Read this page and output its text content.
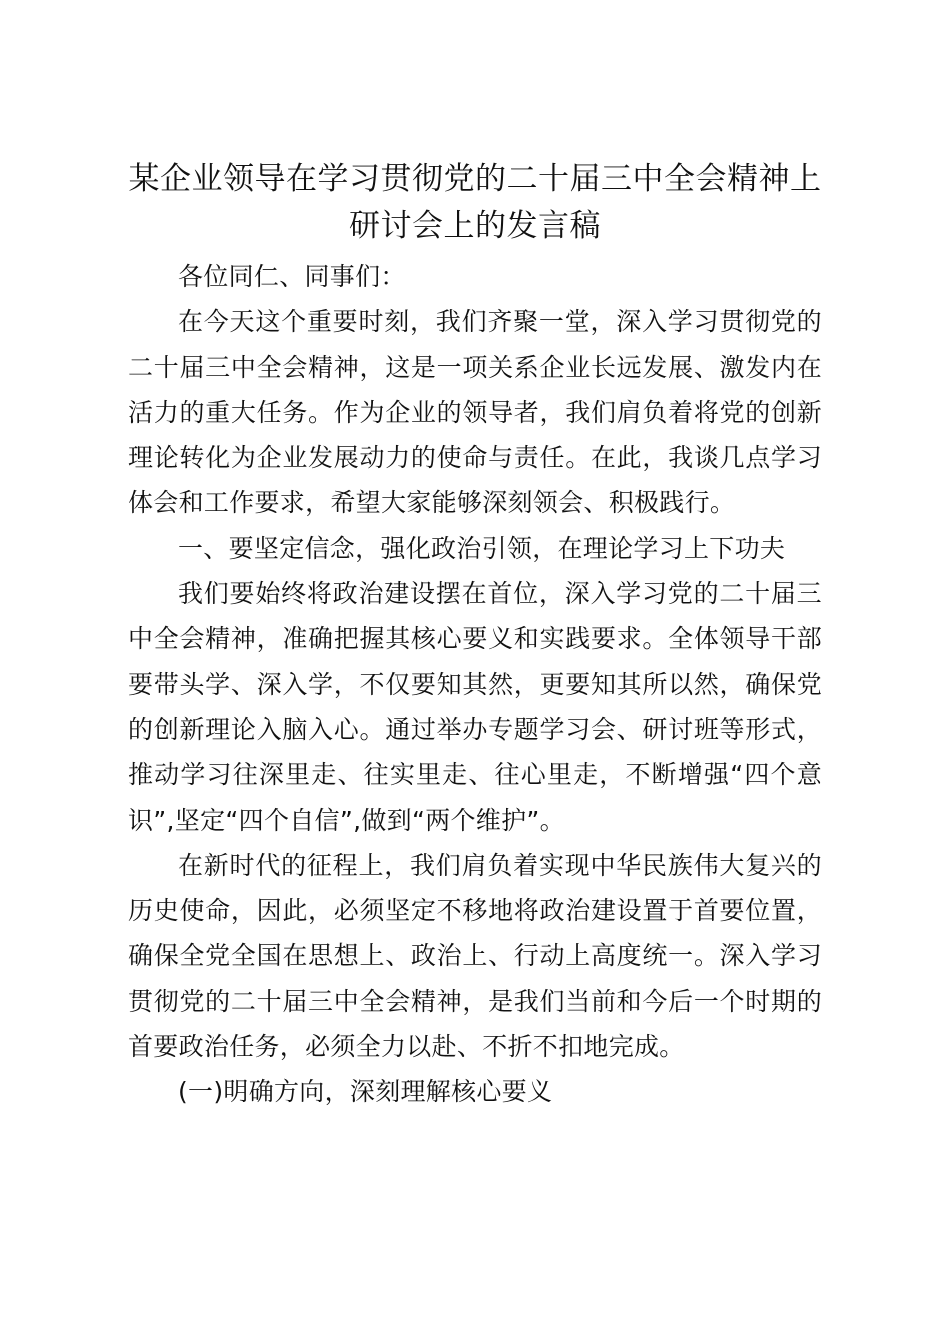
某企业领导在学习贯彻党的二十届三中全会精神上研讨会上的发言稿

各位同仁、同事们：

在今天这个重要时刻，我们齐聚一堂，深入学习贯彻党的二十届三中全会精神，这是一项关系企业长远发展、激发内在活力的重大任务。作为企业的领导者，我们肩负着将党的创新理论转化为企业发展动力的使命与责任。在此，我谈几点学习体会和工作要求，希望大家能够深刻领会、积极践行。

一、要坚定信念，强化政治引领，在理论学习上下功夫

我们要始终将政治建设摆在首位，深入学习党的二十届三中全会精神，准确把握其核心要义和实践要求。全体领导干部要带头学、深入学，不仅要知其然，更要知其所以然，确保党的创新理论入脑入心。通过举办专题学习会、研讨班等形式，推动学习往深里走、往实里走、往心里走，不断增强“四个意识”,坚定“四个自信”,做到“两个维护”。

在新时代的征程上，我们肩负着实现中华民族伟大复兴的历史使命，因此，必须坚定不移地将政治建设置于首要位置，确保全党全国在思想上、政治上、行动上高度统一。深入学习贯彻党的二十届三中全会精神，是我们当前和今后一个时期的首要政治任务，必须全力以赴、不折不扣地完成。

(一)明确方向，深刻理解核心要义
